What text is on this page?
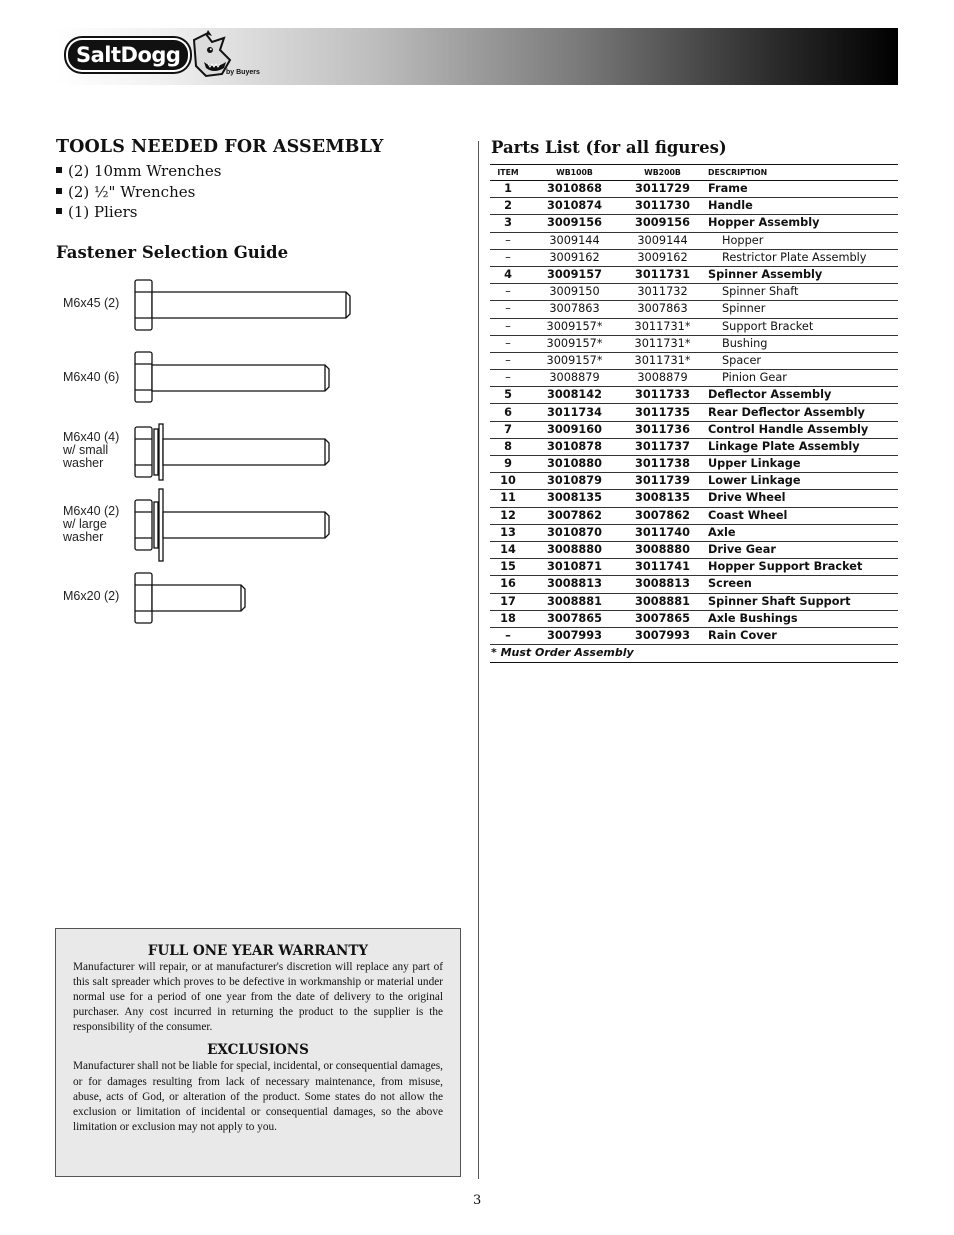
SaltDogg
by Buyers
TOOLS NEEDED FOR ASSEMBLY
(2) 10mm Wrenches
(2) ½" Wrenches
(1) Pliers
Fastener Selection Guide
M6x45 (2)
M6x40 (6)
M6x40 (4)
w/ small
washer
M6x40 (2)
w/ large
washer
M6x20 (2)
FULL ONE YEAR WARRANTY

Manufacturer will repair, or at manufacturer's discretion will replace any part of this salt spreader which proves to be defective in workmanship or material under normal use for a period of one year from the date of delivery to the original purchaser. Any cost incurred in returning the product to the supplier is the responsibility of the consumer.

EXCLUSIONS

Manufacturer shall not be liable for special, incidental, or consequential damages, or for damages resulting from lack of necessary maintenance, from misuse, abuse, acts of God, or alteration of the product. Some states do not allow the exclusion or limitation of incidental or consequential damages, so the above limitation or exclusion may not apply to you.

Parts List (for all figures)
ITEM	WB100B	WB200B	DESCRIPTION
1	3010868	3011729	Frame
2	3010874	3011730	Handle
3	3009156	3009156	Hopper Assembly
–	3009144	3009144	Hopper
–	3009162	3009162	Restrictor Plate Assembly
4	3009157	3011731	Spinner Assembly
–	3009150	3011732	Spinner Shaft
–	3007863	3007863	Spinner
–	3009157*	3011731*	Support Bracket
–	3009157*	3011731*	Bushing
–	3009157*	3011731*	Spacer
–	3008879	3008879	Pinion Gear
5	3008142	3011733	Deflector Assembly
6	3011734	3011735	Rear Deflector Assembly
7	3009160	3011736	Control Handle Assembly
8	3010878	3011737	Linkage Plate Assembly
9	3010880	3011738	Upper Linkage
10	3010879	3011739	Lower Linkage
11	3008135	3008135	Drive Wheel
12	3007862	3007862	Coast Wheel
13	3010870	3011740	Axle
14	3008880	3008880	Drive Gear
15	3010871	3011741	Hopper Support Bracket
16	3008813	3008813	Screen
17	3008881	3008881	Spinner Shaft Support
18	3007865	3007865	Axle Bushings
–	3007993	3007993	Rain Cover
* Must Order Assembly
3
